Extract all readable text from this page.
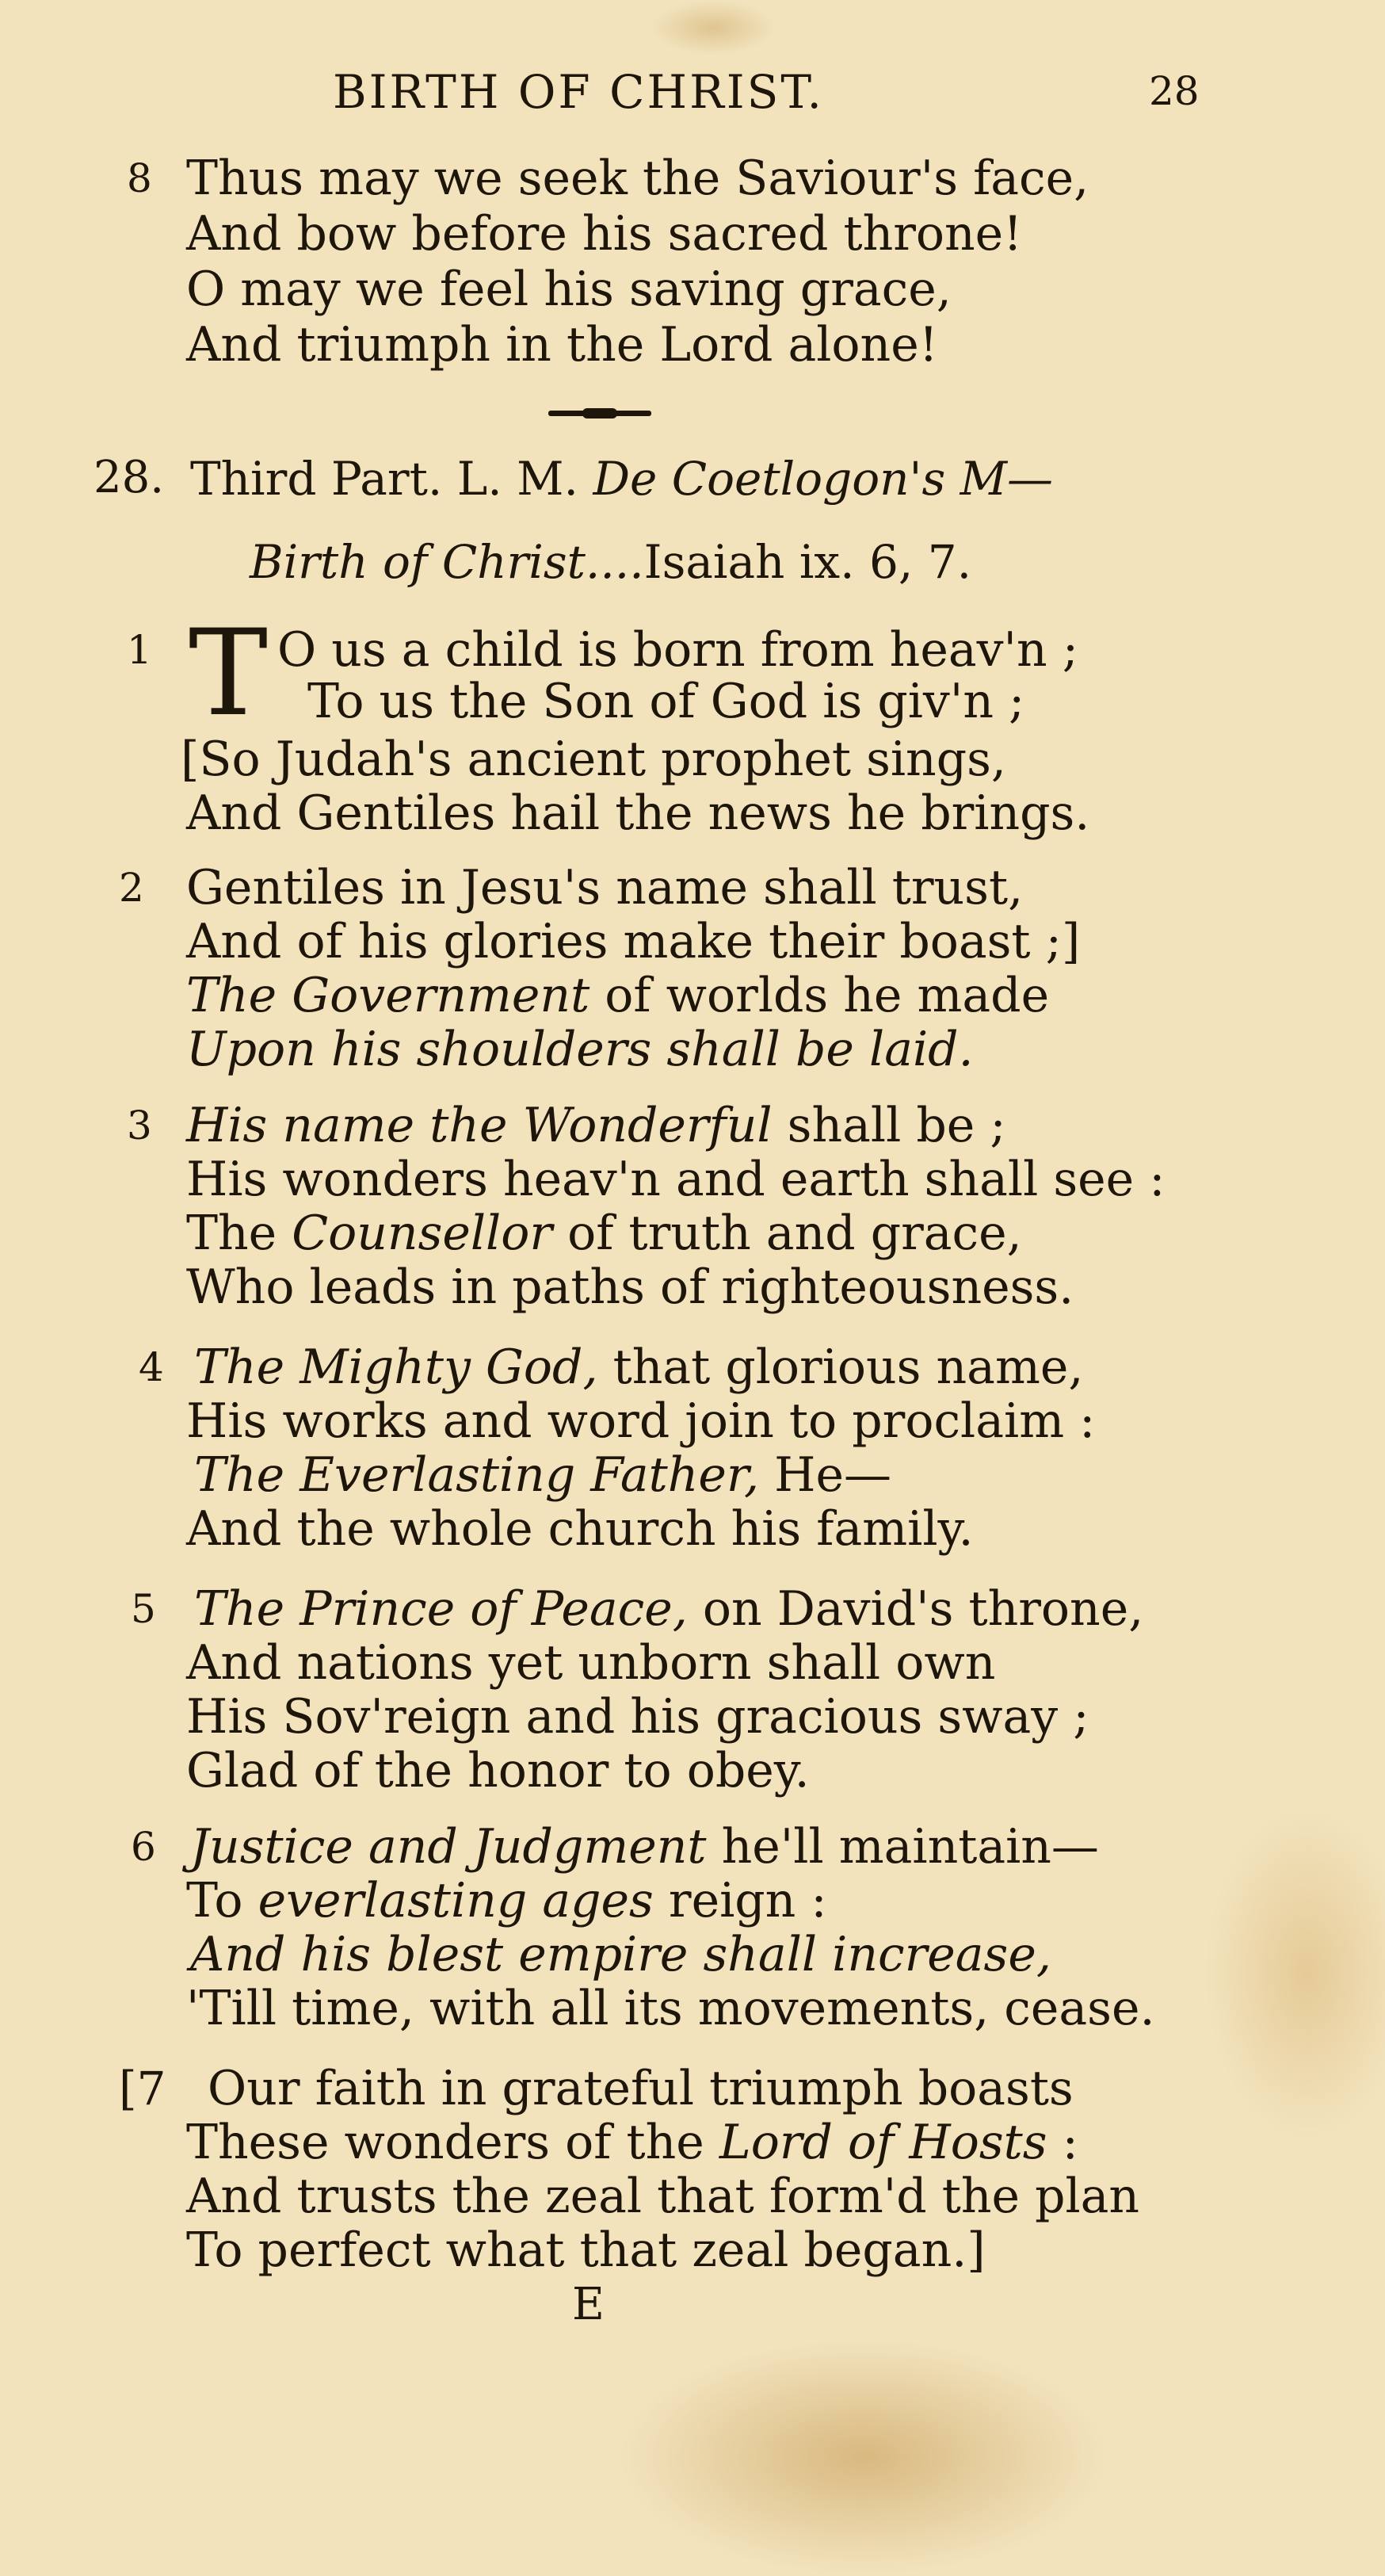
BIRTH OF CHRIST.	28
8 Thus may we seek the Saviour's face,
And bow before his sacred throne!
O may we feel his saving grace,
And triumph in the Lord alone!
28. Third Part. L. M. De Coetlogon's M—
Birth of Christ....Isaiah ix. 6, 7.
1	O us a child is born from heav'n ;
To us the Son of God is giv'n ;
[So Judah's ancient prophet sings,
And Gentiles hail the news he brings.
T
2 Gentiles in Jesu's name shall trust,
And of his glories make their boast ;]
The Government of worlds he made
Upon his shoulders shall be laid.
3 His name the Wonderful shall be ;
His wonders heav'n and earth shall see :
The Counsellor of truth and grace,
Who leads in paths of righteousness.
4 The Mighty God, that glorious name,
His works and word join to proclaim :
The Everlasting Father, He—
And the whole church his family.
5 The Prince of Peace, on David's throne,
And nations yet unborn shall own
His Sov'reign and his gracious sway ;
Glad of the honor to obey.
6 Justice and Judgment he'll maintain—
To everlasting ages reign :
And his blest empire shall increase,
'Till time, with all its movements, cease.
[7 Our faith in grateful triumph boasts
These wonders of the Lord of Hosts :
And trusts the zeal that form'd the plan
To perfect what that zeal began.]
E
